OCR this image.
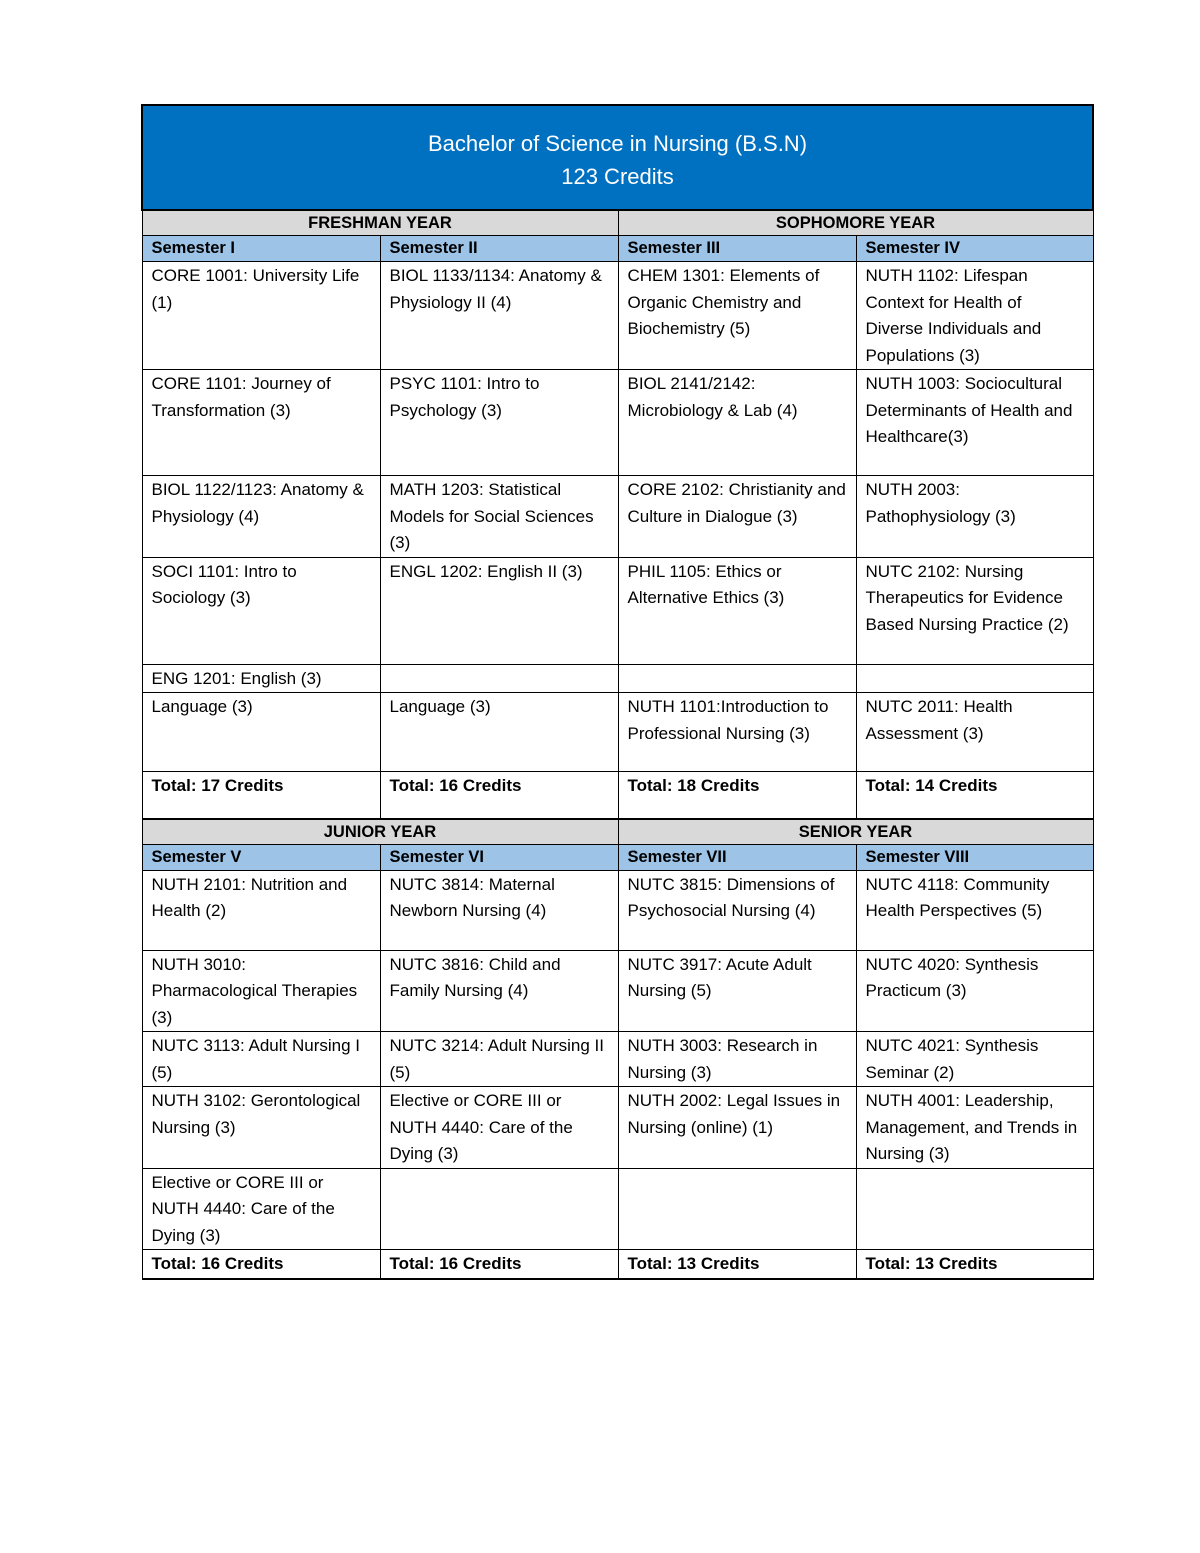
Bachelor of Science in Nursing (B.S.N)
123 Credits			

FRESHMAN YEAR		SOPHOMORE YEAR	
Semester I	Semester II	Semester III	Semester IV
CORE 1001: University Life (1)	BIOL 1133/1134: Anatomy & Physiology II (4)	CHEM 1301: Elements of Organic Chemistry and Biochemistry (5)	NUTH 1102: Lifespan Context for Health of Diverse Individuals and Populations (3)
CORE 1101: Journey of Transformation (3)	PSYC 1101: Intro to Psychology (3)	BIOL 2141/2142: Microbiology & Lab (4)	NUTH 1003: Sociocultural Determinants of Health and Healthcare(3)
BIOL 1122/1123: Anatomy & Physiology (4)	MATH 1203: Statistical Models for Social Sciences (3)	CORE 2102: Christianity and Culture in Dialogue (3)	NUTH 2003: Pathophysiology (3)
SOCI 1101: Intro to Sociology (3)	ENGL 1202: English II (3)	PHIL 1105: Ethics or Alternative Ethics (3)	NUTC 2102: Nursing Therapeutics for Evidence Based Nursing Practice (2)
ENG 1201: English (3)			
Language (3)	Language (3)	NUTH 1101:Introduction to Professional Nursing (3)	NUTC 2011: Health Assessment (3)
Total: 17 Credits	Total: 16 Credits	Total: 18 Credits	Total: 14 Credits
JUNIOR YEAR		SENIOR YEAR	
Semester V	Semester VI	Semester VII	Semester VIII
NUTH 2101: Nutrition and Health (2)	NUTC 3814: Maternal Newborn Nursing (4)	NUTC 3815: Dimensions of Psychosocial Nursing (4)	NUTC 4118: Community Health Perspectives (5)
NUTH 3010: Pharmacological Therapies (3)	NUTC 3816: Child and Family Nursing (4)	NUTC 3917: Acute Adult Nursing (5)	NUTC 4020: Synthesis Practicum (3)
NUTC 3113: Adult Nursing I (5)	NUTC 3214: Adult Nursing II (5)	NUTH 3003: Research in Nursing (3)	NUTC 4021: Synthesis Seminar (2)
NUTH 3102: Gerontological Nursing (3)	Elective or CORE III or NUTH 4440: Care of the Dying (3)	NUTH 2002: Legal Issues in Nursing (online) (1)	NUTH 4001: Leadership, Management, and Trends in Nursing (3)
Elective or CORE III or NUTH 4440: Care of the Dying (3)			
Total: 16 Credits	Total: 16 Credits	Total: 13 Credits	Total: 13 Credits
